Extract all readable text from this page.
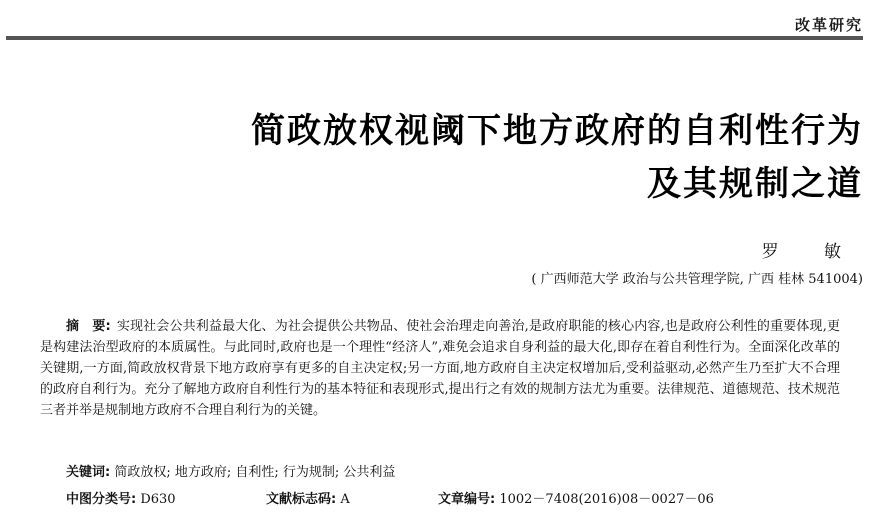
改革研究
简政放权视阈下地方政府的自利性行为
及其规制之道
罗 敏
( 广西师范大学 政治与公共管理学院, 广西 桂林 541004)
摘　要: 实现社会公共利益最大化、为社会提供公共物品、使社会治理走向善治,是政府职能的核心内容,也是政府公利性的重要体现,更是构建法治型政府的本质属性。与此同时,政府也是一个理性“经济人”,难免会追求自身利益的最大化,即存在着自利性行为。全面深化改革的关键期,一方面,简政放权背景下地方政府享有更多的自主决定权;另一方面,地方政府自主决定权增加后,受利益驱动,必然产生乃至扩大不合理的政府自利行为。充分了解地方政府自利性行为的基本特征和表现形式,提出行之有效的规制方法尤为重要。法律规范、道德规范、技术规范三者并举是规制地方政府不合理自利行为的关键。
关键词: 简政放权; 地方政府; 自利性; 行为规制; 公共利益
中图分类号: D630	文献标志码: A	文章编号: 1002－7408(2016)08－0027－06
